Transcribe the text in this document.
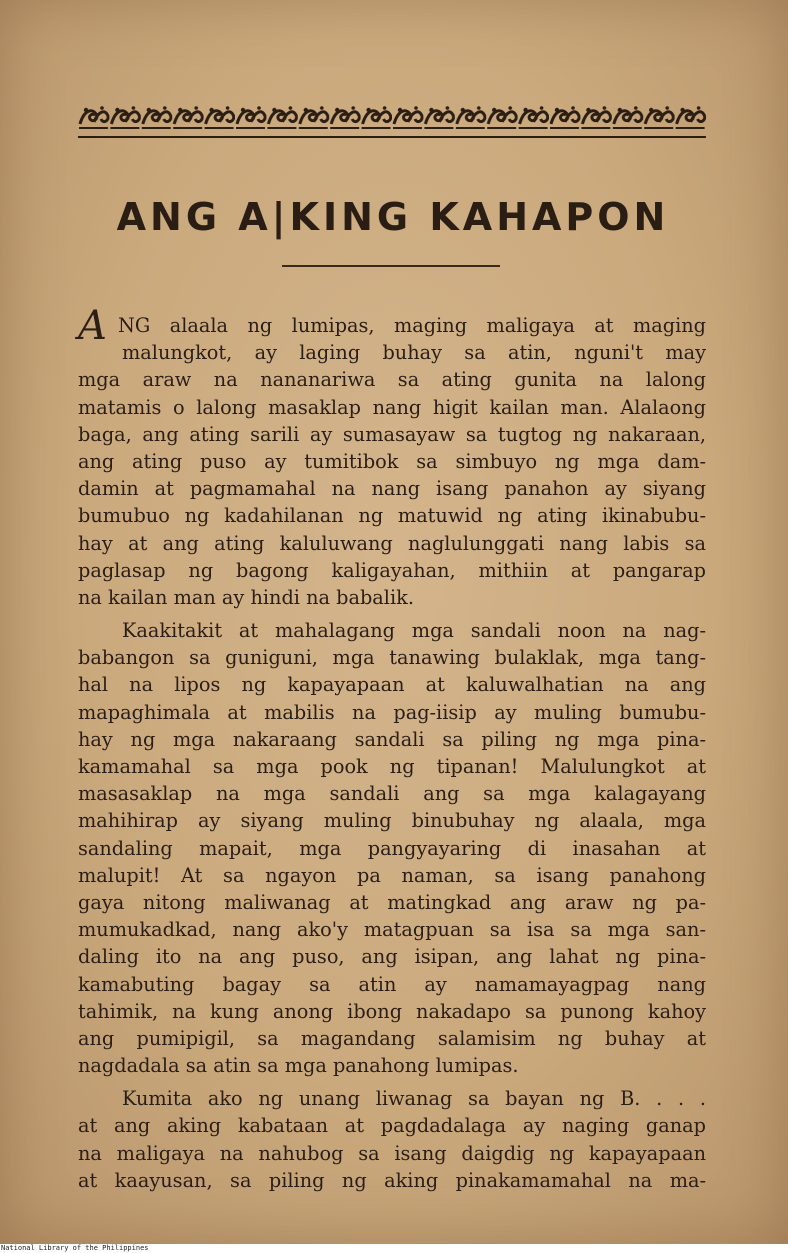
ANG A|KING KAHAPON
A NG alaala ng lumipas, maging maligaya at maging
malungkot, ay laging buhay sa atin, nguni't may
mga araw na nananariwa sa ating gunita na lalong
matamis o lalong masaklap nang higit kailan man. Alalaong
baga, ang ating sarili ay sumasayaw sa tugtog ng nakaraan,
ang ating puso ay tumitibok sa simbuyo ng mga dam-
damin at pagmamahal na nang isang panahon ay siyang
bumubuo ng kadahilanan ng matuwid ng ating ikinabubu-
hay at ang ating kaluluwang naglulunggati nang labis sa
paglasap ng bagong kaligayahan, mithiin at pangarap
na kailan man ay hindi na babalik.
Kaakitakit at mahalagang mga sandali noon na nag-
babangon sa guniguni, mga tanawing bulaklak, mga tang-
hal na lipos ng kapayapaan at kaluwalhatian na ang
mapaghimala at mabilis na pag-iisip ay muling bumubu-
hay ng mga nakaraang sandali sa piling ng mga pina-
kamamahal sa mga pook ng tipanan! Malulungkot at
masasaklap na mga sandali ang sa mga kalagayang
mahihirap ay siyang muling binubuhay ng alaala, mga
sandaling mapait, mga pangyayaring di inasahan at
malupit! At sa ngayon pa naman, sa isang panahong
gaya nitong maliwanag at matingkad ang araw ng pa-
mumukadkad, nang ako'y matagpuan sa isa sa mga san-
daling ito na ang puso, ang isipan, ang lahat ng pina-
kamabuting bagay sa atin ay namamayagpag nang
tahimik, na kung anong ibong nakadapo sa punong kahoy
ang pumipigil, sa magandang salamisim ng buhay at
nagdadala sa atin sa mga panahong lumipas.
Kumita ako ng unang liwanag sa bayan ng B. . . .
at ang aking kabataan at pagdadalaga ay naging ganap
na maligaya na nahubog sa isang daigdig ng kapayapaan
at kaayusan, sa piling ng aking pinakamamahal na ma-
National Library of the Philippines
